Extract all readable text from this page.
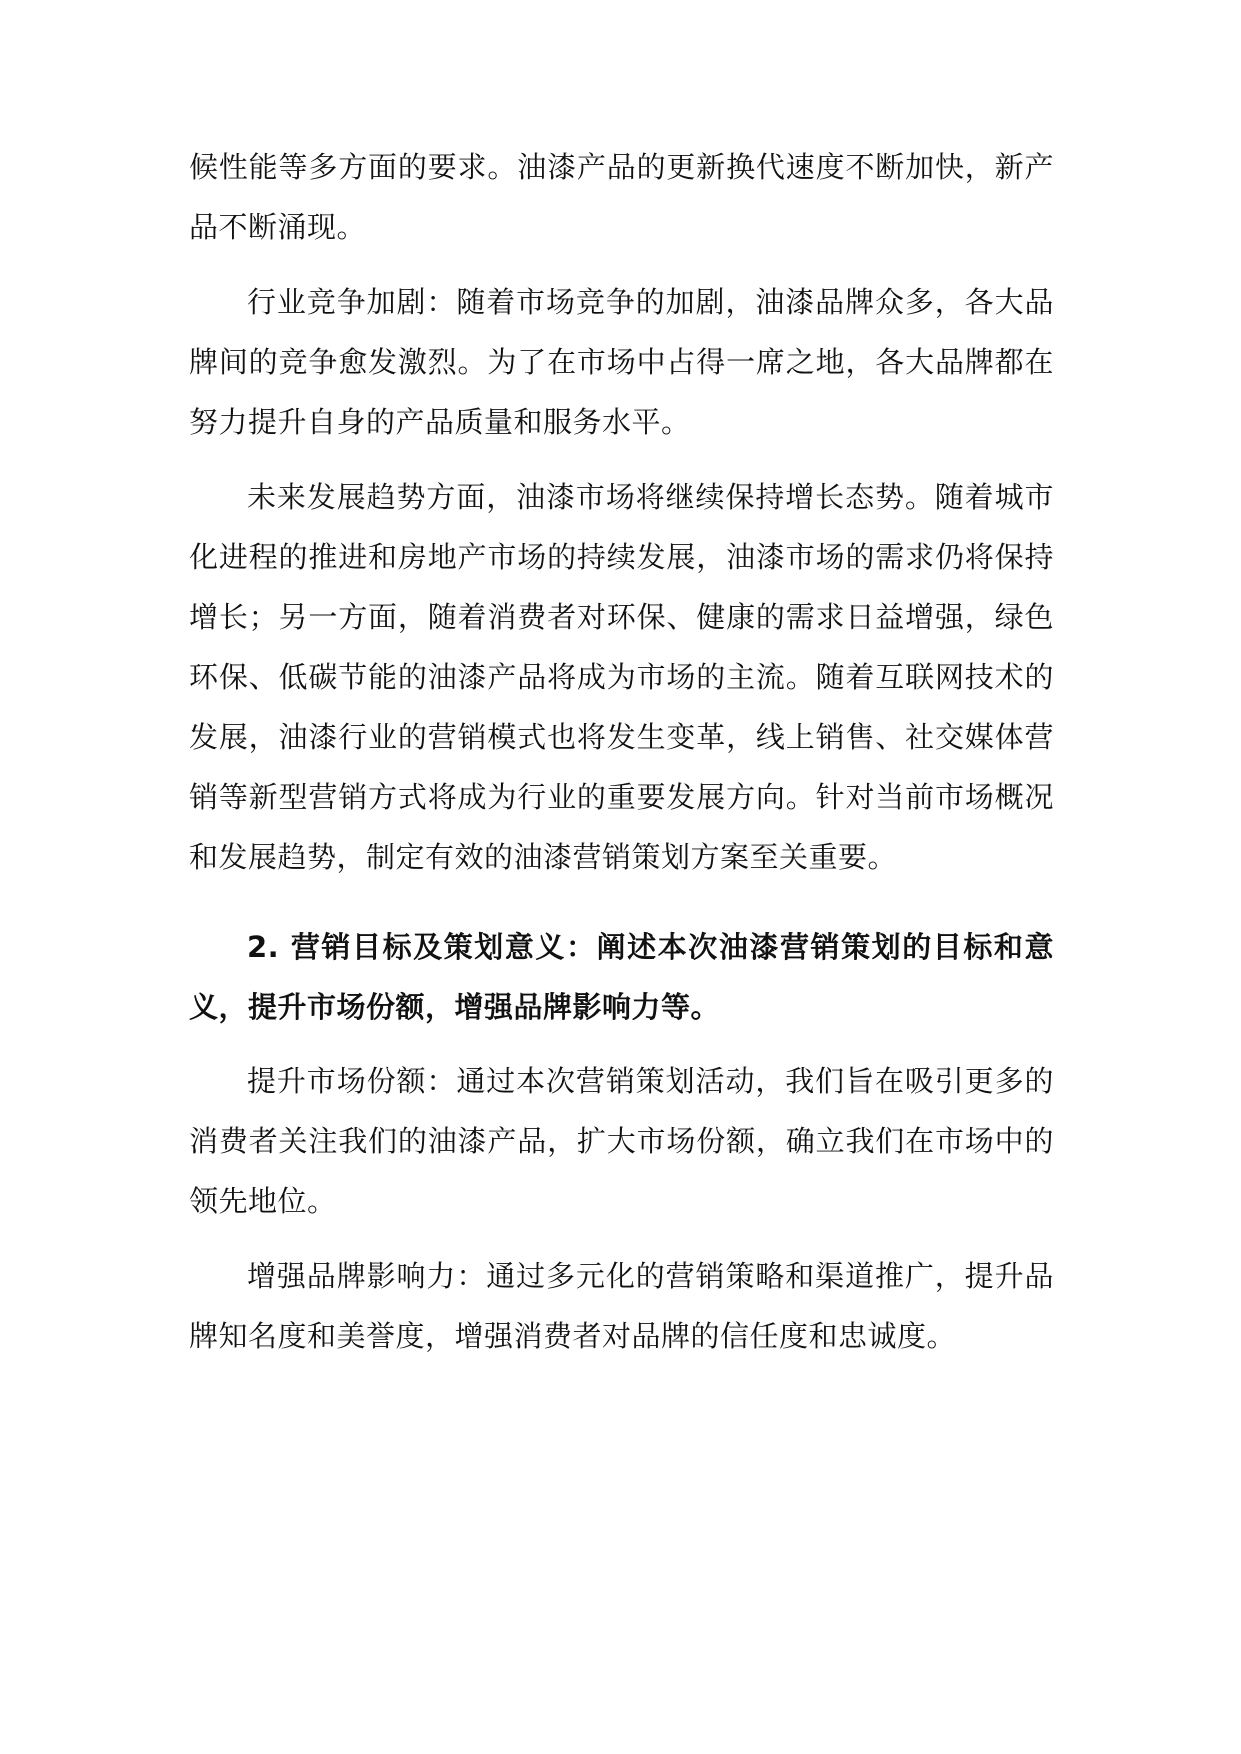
候性能等多方面的要求。油漆产品的更新换代速度不断加快，新产品不断涌现。

行业竞争加剧：随着市场竞争的加剧，油漆品牌众多，各大品牌间的竞争愈发激烈。为了在市场中占得一席之地，各大品牌都在努力提升自身的产品质量和服务水平。

未来发展趋势方面，油漆市场将继续保持增长态势。随着城市化进程的推进和房地产市场的持续发展，油漆市场的需求仍将保持增长；另一方面，随着消费者对环保、健康的需求日益增强，绿色环保、低碳节能的油漆产品将成为市场的主流。随着互联网技术的发展，油漆行业的营销模式也将发生变革，线上销售、社交媒体营销等新型营销方式将成为行业的重要发展方向。针对当前市场概况和发展趋势，制定有效的油漆营销策划方案至关重要。

2. 营销目标及策划意义：阐述本次油漆营销策划的目标和意义，提升市场份额，增强品牌影响力等。

提升市场份额：通过本次营销策划活动，我们旨在吸引更多的消费者关注我们的油漆产品，扩大市场份额，确立我们在市场中的领先地位。

增强品牌影响力：通过多元化的营销策略和渠道推广，提升品牌知名度和美誉度，增强消费者对品牌的信任度和忠诚度。
